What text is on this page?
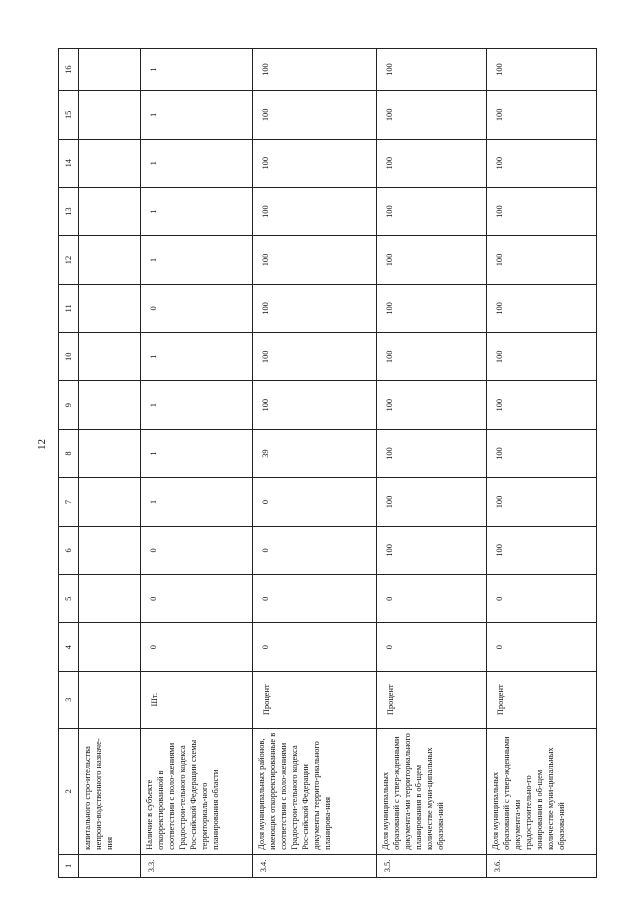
12
1	2	3	4	5	6	7	8	9	10	11	12	13	14	15	16
	капитального стро-ительства непроиз-водственного назначе-ния														
3.3.	Наличие в субъекте откорректированной в соответствии с поло-жениями Градострои-тельного кодекса Рос-сийской Федерации схемы территориаль-ного планирования области	Шт.	0	0	0	1	1	1	1	0	1	1	1	1	1
3.4.	Доля муниципальных районов, имеющих откорректированные в соответствии с поло-жениями Градострои-тельного кодекса Рос-сийской Федерации документы террито-риального планирова-ния	Процент	0	0	0	0	39	100	100	100	100	100	100	100	100
3.5.	Доля муниципальных образований с утвер-жденными документа-ми территориального планирования в об-щем количестве муни-ципальных образова-ний	Процент	0	0	100	100	100	100	100	100	100	100	100	100	100
3.6.	Доля муниципальных образований с утвер-жденными документа-ми градостроительно-го зонирования в об-щем количестве муни-ципальных образова-ний	Процент	0	0	100	100	100	100	100	100	100	100	100	100	100
